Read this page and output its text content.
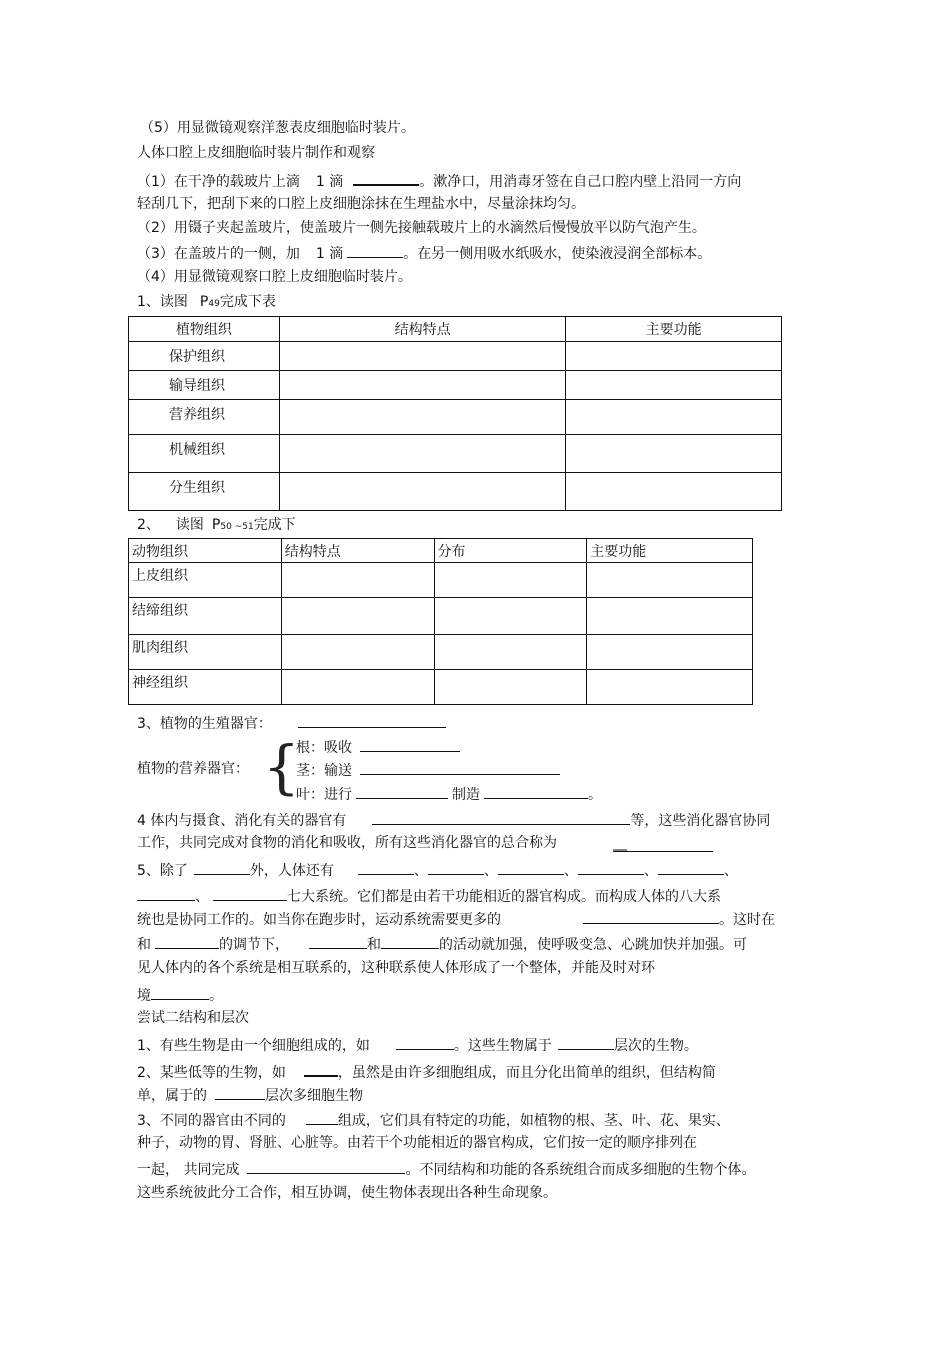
（5）用显微镜观察洋葱表皮细胞临时装片。
人体口腔上皮细胞临时装片制作和观察
（1）在干净的载玻片上滴 1 滴	。漱净口，用消毒牙签在自己口腔内壁上沿同一方向
轻刮几下，把刮下来的口腔上皮细胞涂抹在生理盐水中，尽量涂抹均匀。
（2）用镊子夹起盖玻片，使盖玻片一侧先接触载玻片上的水滴然后慢慢放平以防气泡产生。
（3）在盖玻片的一侧，加 1 滴	。在另一侧用吸水纸吸水，使染液浸润全部标本。
（4）用显微镜观察口腔上皮细胞临时装片。
1、读图 P49完成下表
植物组织	结构特点	主要功能
保护组织		
输导组织		
营养组织		
机械组织		
分生组织		
2、 读图 P50 ~51完成下
动物组织	结构特点	分布	主要功能
上皮组织			
结缔组织			
肌肉组织			
神经组织			
3、植物的生殖器官：
植物的营养器官： {
根：吸收
茎：输送
叶：进行	制造	。
4 体内与摄食、消化有关的器官有	等，这些消化器官协同
工作，共同完成对食物的消化和吸收，所有这些消化器官的总合称为	__
5、除了	外，人体还有	、	、	、	、	、
、	七大系统。它们都是由若干功能相近的器官构成。而构成人体的八大系
统也是协同工作的。如当你在跑步时，运动系统需要更多的	。这时在
和	的调节下，	和	的活动就加强，使呼吸变急、心跳加快并加强。可
见人体内的各个系统是相互联系的，这种联系使人体形成了一个整体，并能及时对环
境	。
尝试二结构和层次
1、有些生物是由一个细胞组成的，如	。这些生物属于	层次的生物。
2、某些低等的生物，如	，虽然是由许多细胞组成，而且分化出简单的组织，但结构简
单，属于的	层次多细胞生物
3、不同的器官由不同的	组成，它们具有特定的功能，如植物的根、茎、叶、花、果实、
种子，动物的胃、肾脏、心脏等。由若干个功能相近的器官构成，它们按一定的顺序排列在
一起， 共同完成	。不同结构和功能的各系统组合而成多细胞的生物个体。
这些系统彼此分工合作，相互协调，使生物体表现出各种生命现象。
